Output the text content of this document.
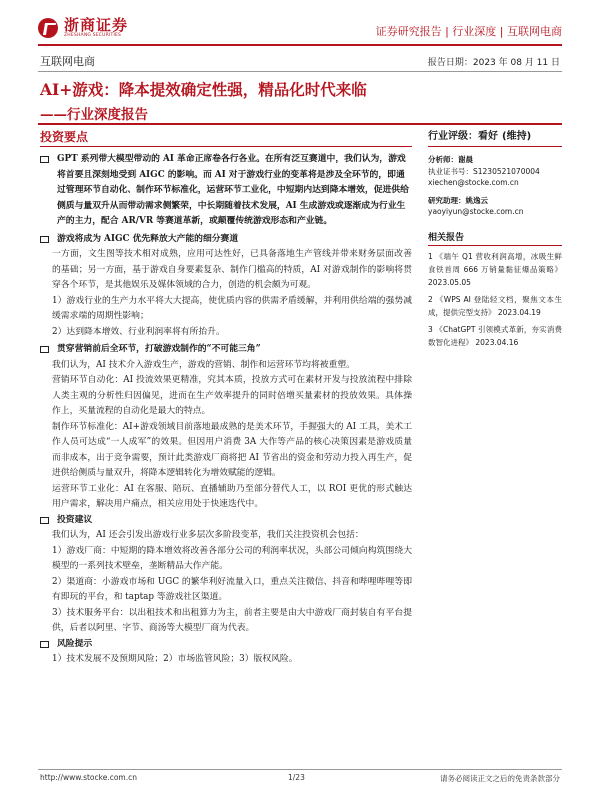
浙商证券
ZHESHANG SECURITIES	证券研究报告 | 行业深度 | 互联网电商
互联网电商	报告日期：2023 年 08 月 11 日
AI+游戏：降本提效确定性强，精品化时代来临
——行业深度报告
投资要点
GPT 系列带大模型带动的 AI 革命正席卷各行各业。在所有泛互赛道中，我们认为，游戏将首要且深刻地受到 AIGC 的影响。而 AI 对于游戏行业的变革将是涉及全环节的，即通过管理环节自动化、制作环节标准化，运营环节工业化，中短期内达到降本增效，促进供给侧质与量双升从而带动需求侧繁荣，中长期随着技术发展，AI 生成游戏或逐渐成为行业生产的主力，配合 AR/VR 等赛道革新，或颠覆传统游戏形态和产业链。
游戏将成为 AIGC 优先释放大产能的细分赛道
一方面，文生图等技术相对成熟，应用可达性好，已具备落地生产管线并带来财务层面改善的基础；另一方面，基于游戏自身要素复杂、制作门槛高的特质，AI 对游戏制作的影响将贯穿各个环节，是其他娱乐及媒体领域的合力，创造的机会颇为可观。
1）游戏行业的生产力水平将大大提高，使优质内容的供需矛盾缓解，并利用供给端的强势减缓需求端的周期性影响；
2）达到降本增效、行业利润率将有所抬升。
贯穿营销前后全环节，打破游戏制作的“不可能三角”
我们认为，AI 技术介入游戏生产，游戏的营销、制作和运营环节均将被重塑。
营销环节自动化：AI 投流效果更精准，究其本质，投放方式可在素材开发与投放流程中排除人类主观的分析性归因偏见，进而在生产效率提升的同时倍增买量素材的投放效果。具体操作上，买量流程的自动化是最大的特点。
制作环节标准化：AI+游戏领域目前落地最成熟的是美术环节，手握强大的 AI 工具，美术工作人员可达成“一人成军”的效果。但因用户消费 3A 大作等产品的核心决策因素是游戏质量而非成本，出于竞争需要，预计此类游戏厂商将把 AI 节省出的资金和劳动力投入再生产，促进供给侧质与量双升，将降本逻辑转化为增效赋能的逻辑。
运营环节工业化：AI 在客服、陪玩、直播辅助乃至部分替代人工，以 ROI 更优的形式触达用户需求，解决用户痛点，相关应用处于快速迭代中。
投资建议
我们认为，AI 还会引发出游戏行业多层次多阶段变革，我们关注投资机会包括：
1）游戏厂商：中短期的降本增效将改善各部分公司的利润率状况，头部公司倾向构筑围绕大模型的一系列技术壁垒，垄断精品大作产能。
2）渠道商：小游戏市场和 UGC 的繁华利好流量入口，重点关注微信、抖音和哔哩哔哩等即有即玩的平台，和 taptap 等游戏社区渠道。
3）技术服务平台：以出租技术和出租算力为主，前者主要是由大中游戏厂商封装自有平台提供，后者以阿里、字节、商汤等大模型厂商为代表。
风险提示
1）技术发展不及预期风险；2）市场监管风险；3）版权风险。
行业评级：看好 (维持)
分析师：谢晨
执业证书号：S1230521070004
xiechen@stocke.com.cn
研究助理：姚逸云
yaoyiyun@stocke.com.cn
相关报告
1 《端午 Q1 营收利润高增，冰吸生鲜食铁首周 666 万销量黏征爆品策略》 2023.05.05
2 《WPS AI 登陆轻文档，聚焦文本生成，提供完型支持》 2023.04.19
3 《ChatGPT 引领模式革新，夯实消费数智化进程》 2023.04.16
http://www.stocke.com.cn	1/23	请务必阅读正文之后的免责条款部分
